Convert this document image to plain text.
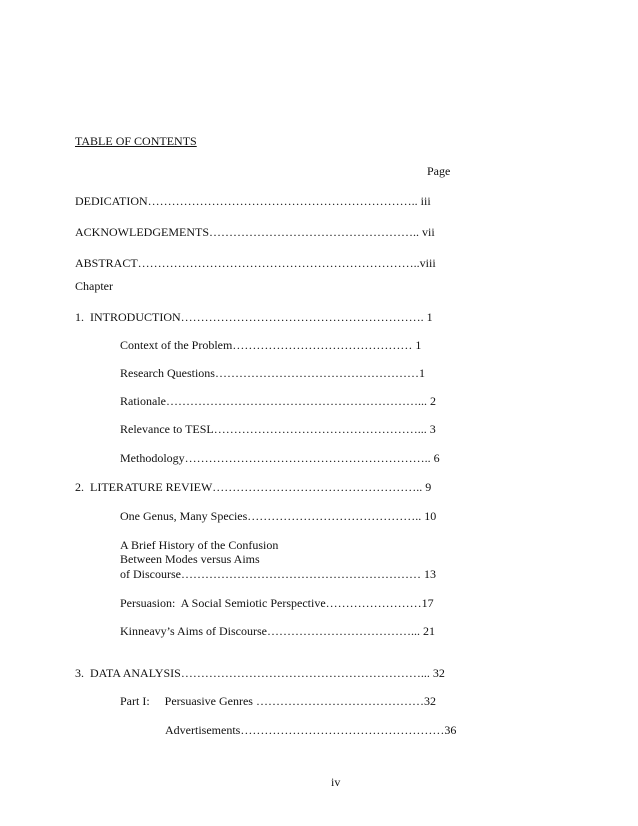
TABLE OF CONTENTS
Page
DEDICATION………………………………………………………….. iii
ACKNOWLEDGEMENTS…………………………………………….. vii
ABSTRACT……………………………………………………………..viii
Chapter
1.  INTRODUCTION……………………………………………………. 1
Context of the Problem……………………………………… 1
Research Questions……………………………………………1
Rationale………………………………………………………... 2
Relevance to TESL……………………………………………... 3
Methodology…………………………………………………….. 6
2.  LITERATURE REVIEW…………………………………………….. 9
One Genus, Many Species…………………………………….. 10
A Brief History of the Confusion
Between Modes versus Aims
of Discourse…………………………………………………… 13
Persuasion:  A Social Semiotic Perspective……………………17
Kinneavy’s Aims of Discourse………………………………... 21
3.  DATA ANALYSIS……………………………………………………... 32
Part I:     Persuasive Genres ……………………………………32
Advertisements……………………………………………36
iv
